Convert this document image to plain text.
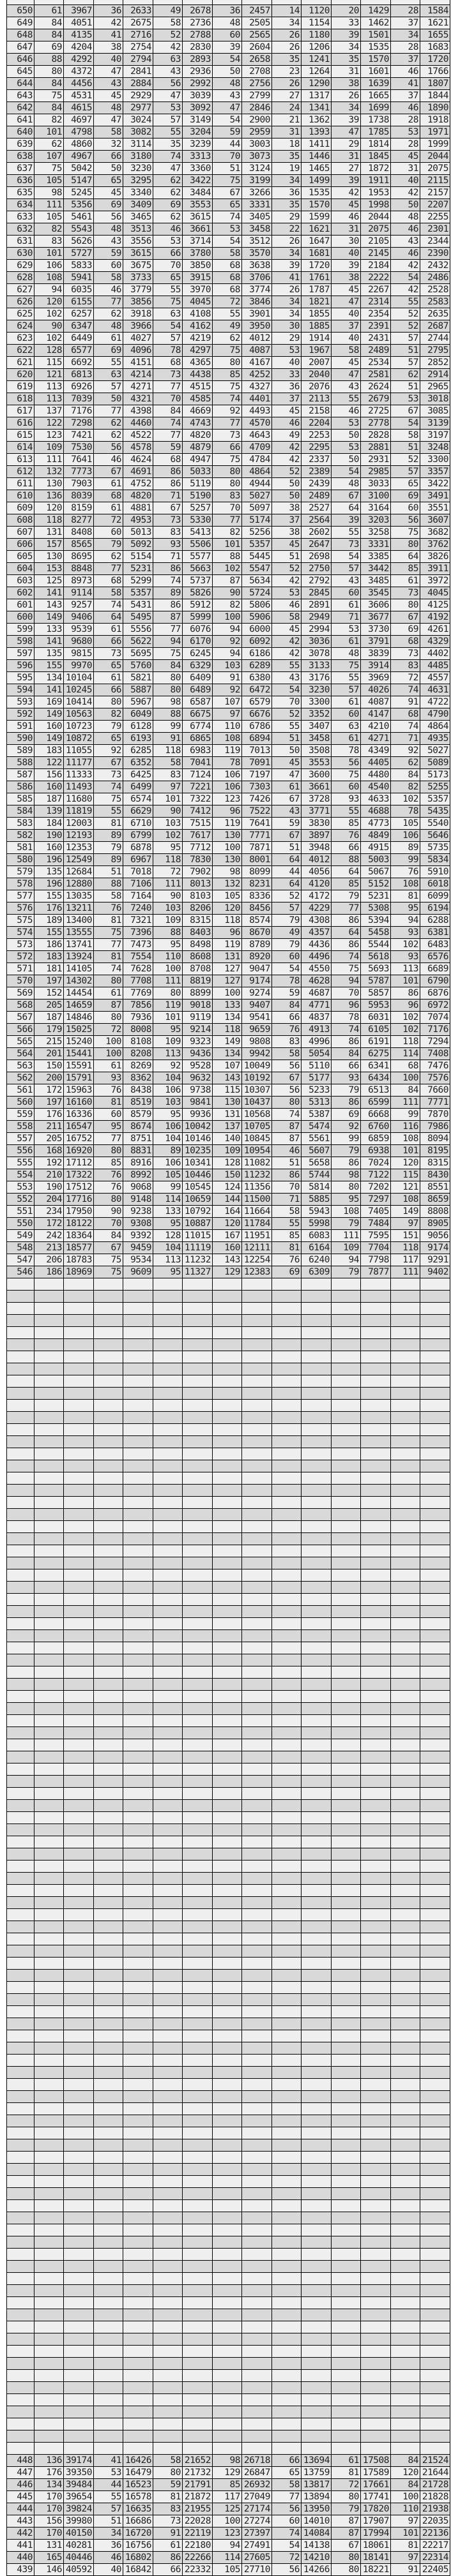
650	61	3967	36	2633	49	2678	36	2457	14	1120	20	1429	28	1584
649	84	4051	42	2675	58	2736	48	2505	34	1154	33	1462	37	1621
648	84	4135	41	2716	52	2788	60	2565	26	1180	39	1501	34	1655
647	69	4204	38	2754	42	2830	39	2604	26	1206	34	1535	28	1683
646	88	4292	40	2794	63	2893	54	2658	35	1241	35	1570	37	1720
645	80	4372	47	2841	43	2936	50	2708	23	1264	31	1601	46	1766
644	84	4456	43	2884	56	2992	48	2756	26	1290	38	1639	41	1807
643	75	4531	45	2929	47	3039	43	2799	27	1317	26	1665	37	1844
642	84	4615	48	2977	53	3092	47	2846	24	1341	34	1699	46	1890
641	82	4697	47	3024	57	3149	54	2900	21	1362	39	1738	28	1918
640	101	4798	58	3082	55	3204	59	2959	31	1393	47	1785	53	1971
639	62	4860	32	3114	35	3239	44	3003	18	1411	29	1814	28	1999
638	107	4967	66	3180	74	3313	70	3073	35	1446	31	1845	45	2044
637	75	5042	50	3230	47	3360	51	3124	19	1465	27	1872	31	2075
636	105	5147	65	3295	62	3422	75	3199	34	1499	39	1911	40	2115
635	98	5245	45	3340	62	3484	67	3266	36	1535	42	1953	42	2157
634	111	5356	69	3409	69	3553	65	3331	35	1570	45	1998	50	2207
633	105	5461	56	3465	62	3615	74	3405	29	1599	46	2044	48	2255
632	82	5543	48	3513	46	3661	53	3458	22	1621	31	2075	46	2301
631	83	5626	43	3556	53	3714	54	3512	26	1647	30	2105	43	2344
630	101	5727	59	3615	66	3780	58	3570	34	1681	40	2145	46	2390
629	106	5833	60	3675	70	3850	68	3638	39	1720	39	2184	42	2432
628	108	5941	58	3733	65	3915	68	3706	41	1761	38	2222	54	2486
627	94	6035	46	3779	55	3970	68	3774	26	1787	45	2267	42	2528
626	120	6155	77	3856	75	4045	72	3846	34	1821	47	2314	55	2583
625	102	6257	62	3918	63	4108	55	3901	34	1855	40	2354	52	2635
624	90	6347	48	3966	54	4162	49	3950	30	1885	37	2391	52	2687
623	102	6449	61	4027	57	4219	62	4012	29	1914	40	2431	57	2744
622	128	6577	69	4096	78	4297	75	4087	53	1967	58	2489	51	2795
621	115	6692	55	4151	68	4365	80	4167	40	2007	45	2534	57	2852
620	121	6813	63	4214	73	4438	85	4252	33	2040	47	2581	62	2914
619	113	6926	57	4271	77	4515	75	4327	36	2076	43	2624	51	2965
618	113	7039	50	4321	70	4585	74	4401	37	2113	55	2679	53	3018
617	137	7176	77	4398	84	4669	92	4493	45	2158	46	2725	67	3085
616	122	7298	62	4460	74	4743	77	4570	46	2204	53	2778	54	3139
615	123	7421	62	4522	77	4820	73	4643	49	2253	50	2828	58	3197
614	109	7530	56	4578	59	4879	66	4709	42	2295	53	2881	51	3248
613	111	7641	46	4624	68	4947	75	4784	42	2337	50	2931	52	3300
612	132	7773	67	4691	86	5033	80	4864	52	2389	54	2985	57	3357
611	130	7903	61	4752	86	5119	80	4944	50	2439	48	3033	65	3422
610	136	8039	68	4820	71	5190	83	5027	50	2489	67	3100	69	3491
609	120	8159	61	4881	67	5257	70	5097	38	2527	64	3164	60	3551
608	118	8277	72	4953	73	5330	77	5174	37	2564	39	3203	56	3607
607	131	8408	60	5013	83	5413	82	5256	38	2602	55	3258	75	3682
606	157	8565	79	5092	93	5506	101	5357	45	2647	73	3331	80	3762
605	130	8695	62	5154	71	5577	88	5445	51	2698	54	3385	64	3826
604	153	8848	77	5231	86	5663	102	5547	52	2750	57	3442	85	3911
603	125	8973	68	5299	74	5737	87	5634	42	2792	43	3485	61	3972
602	141	9114	58	5357	89	5826	90	5724	53	2845	60	3545	73	4045
601	143	9257	74	5431	86	5912	82	5806	46	2891	61	3606	80	4125
600	149	9406	64	5495	87	5999	100	5906	58	2949	71	3677	67	4192
599	133	9539	61	5556	77	6076	94	6000	45	2994	53	3730	69	4261
598	141	9680	66	5622	94	6170	92	6092	42	3036	61	3791	68	4329
597	135	9815	73	5695	75	6245	94	6186	42	3078	48	3839	73	4402
596	155	9970	65	5760	84	6329	103	6289	55	3133	75	3914	83	4485
595	134	10104	61	5821	80	6409	91	6380	43	3176	55	3969	72	4557
594	141	10245	66	5887	80	6489	92	6472	54	3230	57	4026	74	4631
593	169	10414	80	5967	98	6587	107	6579	70	3300	61	4087	91	4722
592	149	10563	82	6049	88	6675	97	6676	52	3352	60	4147	68	4790
591	160	10723	79	6128	99	6774	110	6786	55	3407	63	4210	74	4864
590	149	10872	65	6193	91	6865	108	6894	51	3458	61	4271	71	4935
589	183	11055	92	6285	118	6983	119	7013	50	3508	78	4349	92	5027
588	122	11177	67	6352	58	7041	78	7091	45	3553	56	4405	62	5089
587	156	11333	73	6425	83	7124	106	7197	47	3600	75	4480	84	5173
586	160	11493	74	6499	97	7221	106	7303	61	3661	60	4540	82	5255
585	187	11680	75	6574	101	7322	123	7426	67	3728	93	4633	102	5357
584	139	11819	55	6629	90	7412	96	7522	43	3771	55	4688	78	5435
583	184	12003	81	6710	103	7515	119	7641	59	3830	85	4773	105	5540
582	190	12193	89	6799	102	7617	130	7771	67	3897	76	4849	106	5646
581	160	12353	79	6878	95	7712	100	7871	51	3948	66	4915	89	5735
580	196	12549	89	6967	118	7830	130	8001	64	4012	88	5003	99	5834
579	135	12684	51	7018	72	7902	98	8099	44	4056	64	5067	76	5910
578	196	12880	88	7106	111	8013	132	8231	64	4120	85	5152	108	6018
577	155	13035	58	7164	90	8103	105	8336	52	4172	79	5231	81	6099
576	176	13211	76	7240	103	8206	120	8456	57	4229	77	5308	95	6194
575	189	13400	81	7321	109	8315	118	8574	79	4308	86	5394	94	6288
574	155	13555	75	7396	88	8403	96	8670	49	4357	64	5458	93	6381
573	186	13741	77	7473	95	8498	119	8789	79	4436	86	5544	102	6483
572	183	13924	81	7554	110	8608	131	8920	60	4496	74	5618	93	6576
571	181	14105	74	7628	100	8708	127	9047	54	4550	75	5693	113	6689
570	197	14302	80	7708	111	8819	127	9174	78	4628	94	5787	101	6790
569	152	14454	61	7769	80	8899	100	9274	59	4687	70	5857	86	6876
568	205	14659	87	7856	119	9018	133	9407	84	4771	96	5953	96	6972
567	187	14846	80	7936	101	9119	134	9541	66	4837	78	6031	102	7074
566	179	15025	72	8008	95	9214	118	9659	76	4913	74	6105	102	7176
565	215	15240	100	8108	109	9323	149	9808	83	4996	86	6191	118	7294
564	201	15441	100	8208	113	9436	134	9942	58	5054	84	6275	114	7408
563	150	15591	61	8269	92	9528	107	10049	56	5110	66	6341	68	7476
562	200	15791	93	8362	104	9632	143	10192	67	5177	93	6434	100	7576
561	172	15963	76	8438	106	9738	115	10307	56	5233	79	6513	84	7660
560	197	16160	81	8519	103	9841	130	10437	80	5313	86	6599	111	7771
559	176	16336	60	8579	95	9936	131	10568	74	5387	69	6668	99	7870
558	211	16547	95	8674	106	10042	137	10705	87	5474	92	6760	116	7986
557	205	16752	77	8751	104	10146	140	10845	87	5561	99	6859	108	8094
556	168	16920	80	8831	89	10235	109	10954	46	5607	79	6938	101	8195
555	192	17112	85	8916	106	10341	128	11082	51	5658	86	7024	120	8315
554	210	17322	76	8992	105	10446	150	11232	86	5744	98	7122	115	8430
553	190	17512	76	9068	99	10545	124	11356	70	5814	80	7202	121	8551
552	204	17716	80	9148	114	10659	144	11500	71	5885	95	7297	108	8659
551	234	17950	90	9238	133	10792	164	11664	58	5943	108	7405	149	8808
550	172	18122	70	9308	95	10887	120	11784	55	5998	79	7484	97	8905
549	242	18364	84	9392	128	11015	167	11951	85	6083	111	7595	151	9056
548	213	18577	67	9459	104	11119	160	12111	81	6164	109	7704	118	9174
547	206	18783	75	9534	113	11232	143	12254	76	6240	94	7798	117	9291
546	186	18969	75	9609	95	11327	129	12383	69	6309	79	7877	111	9402

448	136	39174	41	16426	58	21652	98	26718	66	13694	61	17508	84	21524
447	176	39350	53	16479	80	21732	129	26847	65	13759	81	17589	120	21644
446	134	39484	44	16523	59	21791	85	26932	58	13817	72	17661	84	21728
445	170	39654	55	16578	81	21872	117	27049	77	13894	80	17741	100	21828
444	170	39824	57	16635	83	21955	125	27174	56	13950	79	17820	110	21938
443	156	39980	51	16686	73	22028	100	27274	60	14010	87	17907	97	22035
442	170	40150	34	16720	91	22119	123	27397	74	14084	87	17994	101	22136
441	131	40281	36	16756	61	22180	94	27491	54	14138	67	18061	81	22217
440	165	40446	46	16802	86	22266	114	27605	72	14210	80	18141	97	22314
439	146	40592	40	16842	66	22332	105	27710	56	14266	80	18221	91	22405
